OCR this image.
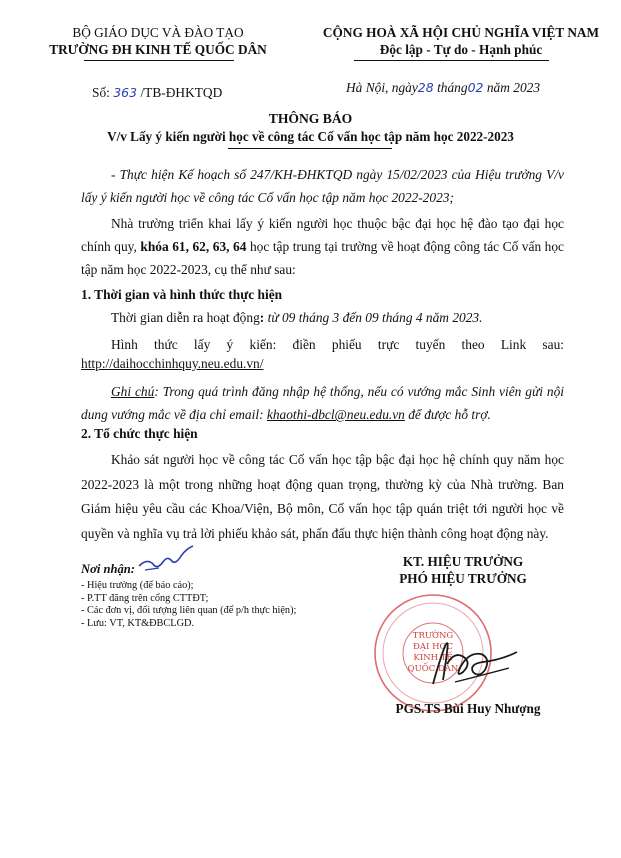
BỘ GIÁO DỤC VÀ ĐÀO TẠO
TRƯỜNG ĐH KINH TẾ QUỐC DÂN
Số: 363 /TB-ĐHKTQD
CỘNG HOÀ XÃ HỘI CHỦ NGHĨA VIỆT NAM
Độc lập - Tự do - Hạnh phúc
Hà Nội, ngày28 tháng02 năm 2023
THÔNG BÁO
V/v Lấy ý kiến người học về công tác Cố vấn học tập năm học 2022-2023
- Thực hiện Kế hoạch số 247/KH-ĐHKTQD ngày 15/02/2023 của Hiệu trưởng V/v lấy ý kiến người học về công tác Cố vấn học tập năm học 2022-2023;
Nhà trường triển khai lấy ý kiến người học thuộc bậc đại học hệ đào tạo đại học chính quy, khóa 61, 62, 63, 64 học tập trung tại trường về hoạt động công tác Cố vấn học tập năm học 2022-2023, cụ thể như sau:
1. Thời gian và hình thức thực hiện
Thời gian diễn ra hoạt động: từ 09 tháng 3 đến 09 tháng 4 năm 2023.
Hình thức lấy ý kiến: điền phiếu trực tuyến theo Link sau:
http://daihocchinhquy.neu.edu.vn/
Ghi chú: Trong quá trình đăng nhập hệ thống, nếu có vướng mắc Sinh viên gửi nội dung vướng mắc về địa chỉ email: khaothi-dbcl@neu.edu.vn để được hỗ trợ.
2. Tổ chức thực hiện
Khảo sát người học về công tác Cố vấn học tập bậc đại học hệ chính quy năm học 2022-2023 là một trong những hoạt động quan trọng, thường kỳ của Nhà trường. Ban Giám hiệu yêu cầu các Khoa/Viện, Bộ môn, Cố vấn học tập quán triệt tới người học về quyền và nghĩa vụ trả lời phiếu khảo sát, phấn đấu thực hiện thành công hoạt động này.
Nơi nhận:
- Hiệu trưởng (để báo cáo);
- P.TT đăng trên cổng CTTĐT;
- Các đơn vị, đối tượng liên quan (để p/h thực hiện);
- Lưu: VT, KT&ĐBCLGD.
KT. HIỆU TRƯỞNG
PHÓ HIỆU TRƯỞNG
TRƯỜNG
ĐẠI HỌC KINH TẾ
QUỐC DÂN
PGS.TS Bùi Huy Nhượng
